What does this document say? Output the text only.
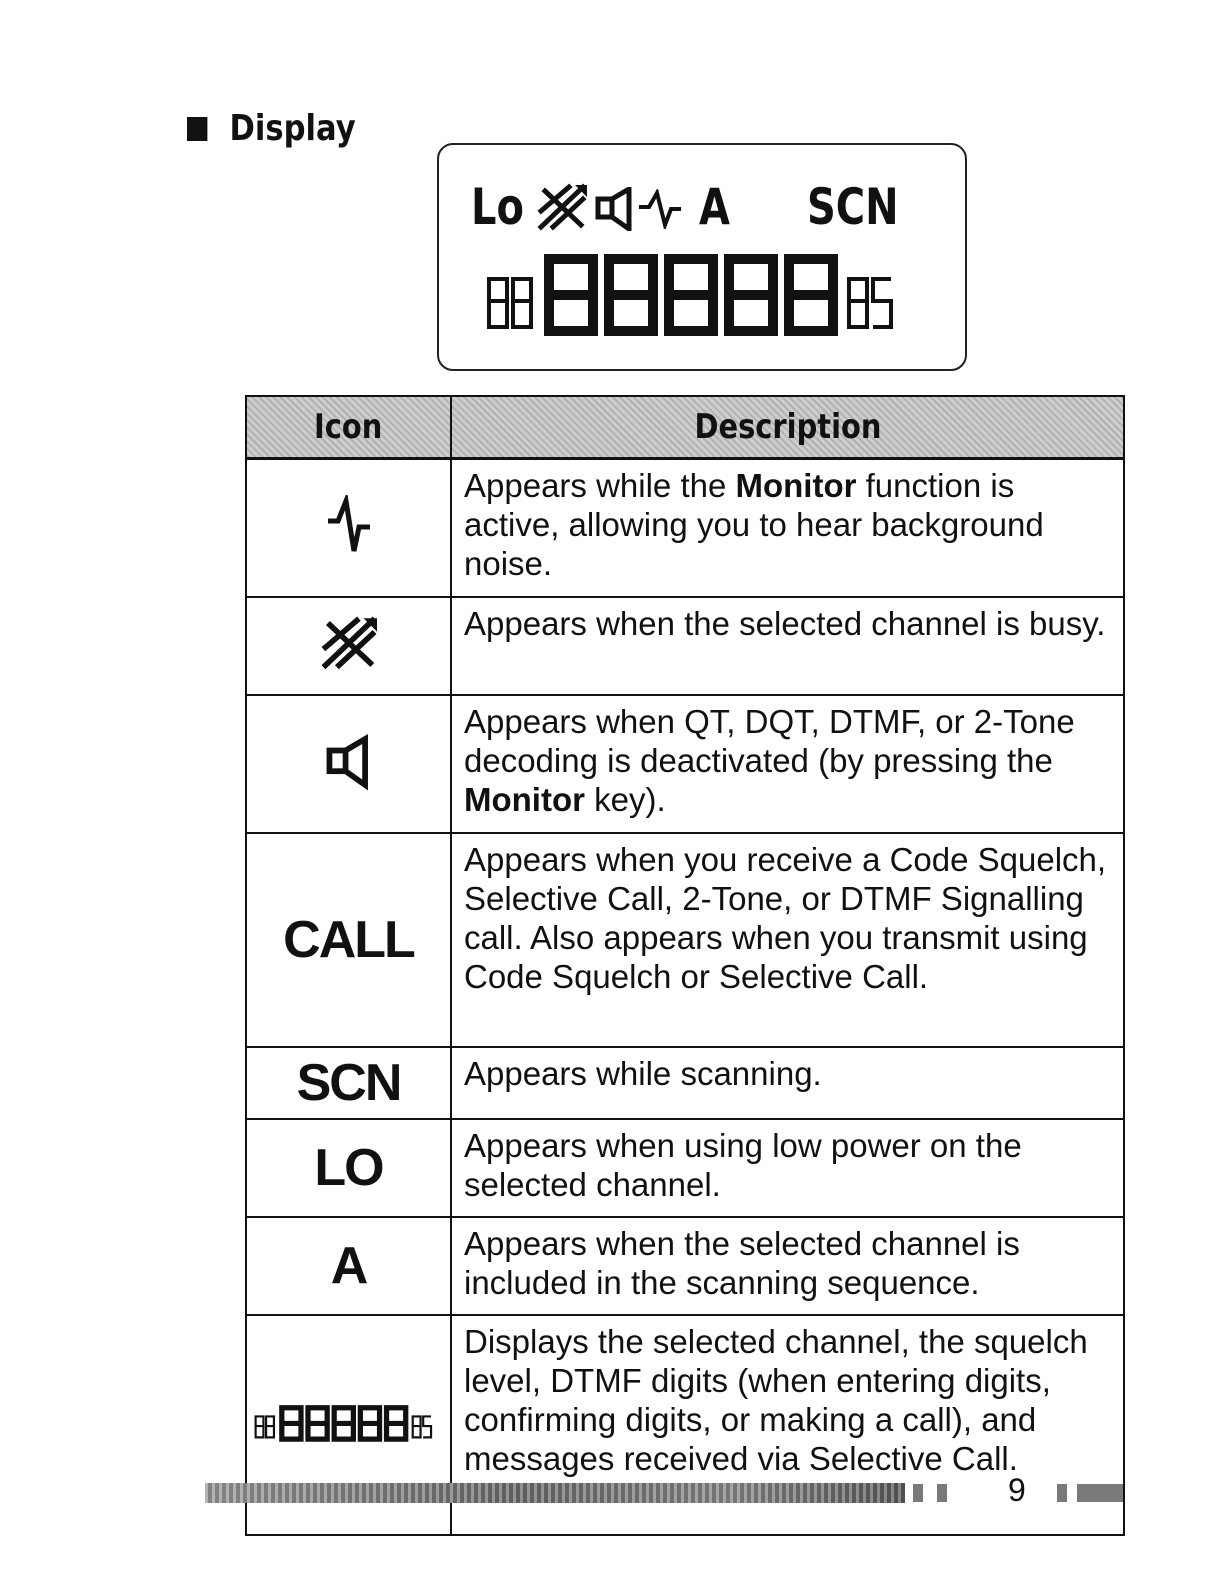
Display
Lo	A SCN
Icon	Description
	Appears while the Monitor function is active, allowing you to hear background noise.
	Appears when the selected channel is busy.
	Appears when QT, DQT, DTMF, or 2-Tone decoding is deactivated (by pressing the Monitor key).
CALL	Appears when you receive a Code Squelch, Selective Call, 2-Tone, or DTMF Signalling call. Also appears when you transmit using Code Squelch or Selective Call.
SCN	Appears while scanning.
LO	Appears when using low power on the selected channel.
A	Appears when the selected channel is included in the scanning sequence.
	Displays the selected channel, the squelch level, DTMF digits (when entering digits, confirming digits, or making a call), and messages received via Selective Call.
9
